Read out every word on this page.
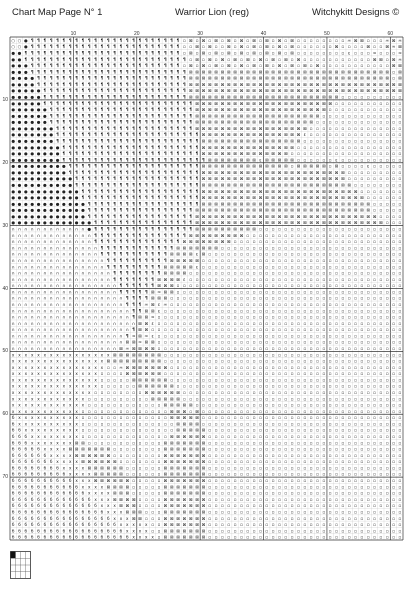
Chart Map Page N° 1	Warrior Lion (reg)	Witchykitt Designs ©
10	20	30	40	50	60
10
20
30
40
50
60
70
○ ○ ● ¶ ¶ ¶ ¶ ¶ ¶ ¶ ¶ ¶ ¶ ¶ ¶ ¶ ¶ ¶ ¶ ¶ ¶ ¶ ¶ ¶ ¶ ¶ ¶ ▫ ⊠ ▫ ⊠ ▫ ⊠ ▫ ⊠ ▫ ⊠ ▫ ⊠ ▫ ⊠ ▫ ⊠ ▫ ⊠ ▫ ▫ ▫ ▫ ▫ ▫ ▫ ▫ ♒ ⊠ ⊠ ▫ ▫ ▫ ♒ ⊠ ♒
○ ○ ● ¶ ¶ ¶ ¶ ¶ ¶ ¶ ¶ ¶ ¶ ¶ ¶ ¶ ¶ ¶ ¶ ¶ ¶ ¶ ¶ ¶ ¶ ¶ ¶ ▫ ▫ ⊠ ▫ ⊠ ▫ ▫ ⊠ ▫ ⊠ ▫ ⊠ ▫ ⊠ ▫ ⊠ ▫ ⊠ ▫ ▫ ▫ ▫ ▫ ▫ ⊠ ▫ ▫ ▫ ▫ ⊠ ▫ ▫ ⊠ ♒ ⊠
● ● ¶ ¶ ¶ ¶ ¶ ¶ ¶ ¶ ¶ ¶ ¶ ¶ ¶ ¶ ¶ ¶ ¶ ¶ ¶ ¶ ¶ ¶ ¶ ¶ ¶ ▫ ⊠ ▫ ⊠ ▫ ⊠ ▫ ⊠ ▫ ⊠ ▫ ⊠ ▫ ⊠ ▫ ⊠ ▫ ⊠ ▫ ▫ ▫ ▫ ▫ ▫ ▫ ▫ ε ▫ ▫ ▫ ♒ ▫ ▫ ▫ ♒
● ● ¶ ¶ ¶ ¶ ¶ ¶ ¶ ¶ ¶ ¶ ¶ ¶ ¶ ¶ ¶ ¶ ¶ ¶ ¶ ¶ ¶ ¶ ¶ ¶ ¶ ¶ ▫ ⊠ ▫ ⊠ ▫ ⊠ ▫ ⊠ ▫ ⊠ ▫ ⊠ ▫ ⊠ ▫ ⊠ ▫ ⊠ ▫ ▫ ▫ ▫ ▫ ▫ ▫ ▫ ▫ ▫ ▫ ⊠ ⊠ ▫ ⊠ ♒
● ● ● ¶ ¶ ¶ ¶ ¶ ¶ ¶ ¶ ¶ ¶ ¶ ¶ ¶ ¶ ¶ ¶ ¶ ¶ ¶ ¶ ¶ ¶ ¶ ¶ ▫ ⊠ ▫ ⊠ ▫ ⊠ ▫ ⊠ ▫ ⊠ ▫ ⊠ ▫ ⊠ ▫ ⊠ ▫ ⊠ ▫ ⊠ ▫ ⊠ ▫ ▫ ▫ ▫ ▫ ▫ ▫ ▫ ▫ ▫ ▫ ⊠ ⊠
● ● ● ¶ ¶ ¶ ¶ ¶ ¶ ¶ ¶ ¶ ¶ ¶ ¶ ¶ ¶ ¶ ¶ ¶ ¶ ¶ ¶ ¶ ¶ ¶ ¶ ¶ ⊠ ⊠ ⊠ ⊠ ⊠ ⊠ ⊠ ⊠ ⊠ ⊠ ⊠ ⊠ ⊠ ⊠ ⊠ ⊠ ⊠ ⊠ ⊠ ⊠ ⊠ ⊠ ⊠ ⊠ ⊠ ⊠ ⊠ ⊠ ⊠ ⊠ ⊠ ⊠ ▫ ⊠
● ● ● ● ¶ ¶ ¶ ¶ ¶ ¶ ¶ ¶ ¶ ¶ ¶ ¶ ¶ ¶ ¶ ¶ ¶ ¶ ¶ ¶ ¶ ¶ ¶ ¶ ⊠ ⊠ ⊠ ⊠ ⊠ ⊠ ⊠ ⊠ ⊠ ⊠ ⊠ ⊠ ⊠ ⊠ ⊠ ⊠ ⊠ ⊠ ⊠ ⊠ ⊠ ⊠ ⊠ ⊠ ⊠ ⊠ ⊠ ⊠ ⊠ ⊠ ⊠ ⊠ ▫ ⊠
● ● ● ● ¶ ¶ ¶ ¶ ¶ ¶ ¶ ¶ ¶ ¶ ¶ ¶ ¶ ¶ ¶ ¶ ¶ ¶ ¶ ¶ ¶ ¶ ¶ ¶ ⊠ ⊠ ⊠ ⊠ ⊠ ⊠ ⊠ ⊠ ⊠ ⊠ ⊠ ⊠ ⊠ ⊠ ⊠ ⊠ ⊠ ⊠ ⊠ ⊠ ⊠ ⊠ ⊠ ⊠ ⊠ ⊠ ⊠ ⊠ ⊠ ⊠ ⊠ ⊠ ⊠ ⊠
● ● ● ● ● ¶ ¶ ¶ ¶ ¶ ¶ ¶ ¶ ¶ ¶ ¶ ¶ ¶ ¶ ¶ ¶ ¶ ¶ ¶ ¶ ¶ ¶ ¶ ⊠ ⊠ ⊠ ⊠ ⊠ ⊠ ⊠ ⊠ ⊠ ⊠ ⊠ ⊠ ⊠ ⊠ ⊠ ⊠ ⊠ ⊠ ⊠ ⊠ ⊠ ⊠ ⊠ ⊠ ⊠ ⊠ ⊠ ⊠ ⊠ ⊠ ⊠ ⊠ ⊠ ⊠
● ● ● ● ● ¶ ¶ ¶ ¶ ¶ ¶ ¶ ¶ ¶ ¶ ¶ ¶ ¶ ¶ ¶ ¶ ¶ ¶ ¶ ¶ ¶ ¶ ¶ ⊠ ⊠ ⊠ ⊠ ⊠ ⊠ ⊠ ⊠ ⊠ ⊠ ⊠ ⊠ ⊠ ⊠ ⊠ ⊠ ⊠ ⊠ ⊠ ⊠ ⊠ ⊠ ⊠ ⊠ ▫ ▫ ▫ ▫ ▫ ▫ ▫ ▫ ▫ ▫
● ● ● ● ● ¶ ¶ ¶ ¶ ¶ ¶ ¶ ¶ ¶ ¶ ¶ ¶ ¶ ¶ ¶ ¶ ¶ ¶ ¶ ¶ ¶ ¶ ¶ ¶ ⊠ ⊠ ⊠ ⊠ ⊠ ⊠ ⊠ ⊠ ⊠ ⊠ ⊠ ⊠ ⊠ ⊠ ⊠ ⊠ ⊠ ⊠ ⊠ ⊠ ⊠ ⊠ ▫ ▫ ▫ ▫ ▫ ▫ ▫ ▫ ▫ ▫ ▫
● ● ● ● ● ● ¶ ¶ ¶ ¶ ¶ ¶ ¶ ¶ ¶ ¶ ¶ ¶ ¶ ¶ ¶ ¶ ¶ ¶ ¶ ¶ ¶ ¶ ¶ ⊠ ⊠ ⊠ ⊠ ⊠ ⊠ ⊠ ⊠ ⊠ ⊠ ⊠ ⊠ ⊠ ⊠ ⊠ ⊠ ⊠ ⊠ ⊠ ⊠ ⊠ ▫ ▫ ▫ ▫ ▫ ▫ ▫ ▫ ▫ ▫ ▫ ▫
● ● ● ● ● ● ¶ ¶ ¶ ¶ ¶ ¶ ¶ ¶ ¶ ¶ ¶ ¶ ¶ ¶ ¶ ¶ ¶ ¶ ¶ ¶ ¶ ¶ ¶ ⊠ ⊠ ⊠ ⊠ ⊠ ⊠ ⊠ ⊠ ⊠ ⊠ ⊠ ⊠ ⊠ ⊠ ⊠ ⊠ ⊠ ⊠ ⊠ ⊠ ▫ ▫ ▫ ▫ ▫ ▫ ▫ ▫ ▫ ▫ ▫ ▫ ▫
● ● ● ● ● ● ¶ ¶ ¶ ¶ ¶ ¶ ¶ ¶ ¶ ¶ ¶ ¶ ¶ ¶ ¶ ¶ ¶ ¶ ¶ ¶ ¶ ¶ ¶ ⊠ ⊠ ⊠ ⊠ ⊠ ⊠ ⊠ ⊠ ⊠ ⊠ ⊠ ⊠ ⊠ ⊠ ⊠ ⊠ ⊠ ⊠ ⊠ ▫ ▫ ▫ ▫ ▫ ▫ ▫ ▫ ▫ ▫ ▫ ▫ ▫ ▫
● ● ● ● ● ● ● ¶ ¶ ¶ ¶ ¶ ¶ ¶ ¶ ¶ ¶ ¶ ¶ ¶ ¶ ¶ ¶ ¶ ¶ ¶ ¶ ¶ ¶ ⊠ ⊠ ⊠ ⊠ ⊠ ⊠ ⊠ ⊠ ⊠ ⊠ ⊠ ⊠ ⊠ ⊠ ⊠ ⊠ ⊠ ⊠ ▫ ▫ ▫ ▫ ▫ ▫ ▫ ▫ ▫ ▫ ▫ ▫ ▫ ▫ ▫
● ● ● ● ● ● ● ¶ ¶ ¶ ¶ ¶ ¶ ¶ ¶ ¶ ¶ ¶ ¶ ¶ ¶ ¶ ¶ ¶ ¶ ¶ ¶ ¶ ¶ ¶ ⊠ ⊠ ⊠ ⊠ ⊠ ⊠ ⊠ ⊠ ⊠ ⊠ ⊠ ⊠ ⊠ ⊠ ⊠ ⊠ ε ▫ ▫ ▫ ▫ ▫ ▫ ▫ ▫ ▫ ▫ ▫ ▫ ▫ ▫ ▫
● ● ● ● ● ● ● ¶ ¶ ¶ ¶ ¶ ¶ ¶ ¶ ¶ ¶ ¶ ¶ ¶ ¶ ¶ ¶ ¶ ¶ ¶ ¶ ¶ ¶ ¶ ⊠ ⊠ ⊠ ⊠ ⊠ ⊠ ⊠ ⊠ ⊠ ⊠ ⊠ ⊠ ⊠ ⊠ ⊠ ⊠ ▫ ▫ ▫ ▫ ▫ ▫ ▫ ▫ ▫ ▫ ▫ ▫ ▫ ▫ ▫ ▫
● ● ● ● ● ● ● ● ¶ ¶ ¶ ¶ ¶ ¶ ¶ ¶ ¶ ¶ ¶ ¶ ¶ ¶ ¶ ¶ ¶ ¶ ¶ ¶ ¶ ¶ ⊠ ⊠ ⊠ ⊠ ⊠ ⊠ ⊠ ⊠ ⊠ ⊠ ⊠ ⊠ ⊠ ⊠ ⊠ ▫ ▫ ▫ ▫ ▫ ▫ ▫ ▫ ▫ ▫ ▫ ▫ ▫ ▫ ▫ ▫ ▫
● ● ● ● ● ● ● ● ¶ ¶ ¶ ¶ ¶ ¶ ¶ ¶ ¶ ¶ ¶ ¶ ¶ ¶ ¶ ¶ ¶ ¶ ¶ ¶ ¶ ¶ ⊠ ⊠ ⊠ ⊠ ⊠ ⊠ ⊠ ⊠ ⊠ ⊠ ⊠ ⊠ ⊠ ⊠ ▫ ▫ ▫ ▫ ▫ ▫ ▫ ▫ ▫ ▫ ▫ ▫ ▫ ▫ ▫ ▫ ▫ ▫
● ● ● ● ● ● ● ● ¶ ¶ ¶ ¶ ¶ ¶ ¶ ¶ ¶ ¶ ¶ ¶ ¶ ¶ ¶ ¶ ¶ ¶ ¶ ¶ ¶ ¶ ¶ ⊠ ⊠ ⊠ ⊠ ⊠ ⊠ ⊠ ⊠ ε ⊠ ⊠ ⊠ ⊠ ⊠ ▫ ▫ ▫ ▫ ▫ ▫ ε ▫ ▫ ▫ ▫ ▫ ▫ ▫ ▫ ▫ ▫
● ● ● ● ● ● ● ● ● ¶ ¶ ¶ ¶ ¶ ¶ ¶ ¶ ¶ ¶ ¶ ¶ ¶ ¶ ¶ ¶ ¶ ¶ ¶ ¶ ¶ ⊠ ⊠ ⊠ ⊠ ⊠ ⊠ ⊠ ⊠ ⊠ ⊠ ⊠ ⊠ ⊠ ⊠ ▫ ⊠ ⊠ ⊠ ⊠ ⊠ ▫ ⊠ ▫ ▫ ▫ ▫ ε ▫ ▫ ▫ ▫ ▫
● ● ● ● ● ● ● ● ● ¶ ¶ ¶ ¶ ¶ ¶ ¶ ¶ ¶ ¶ ¶ ¶ ¶ ¶ ¶ ¶ ¶ ¶ ¶ ¶ ¶ ⊠ ⊠ ⊠ ⊠ ⊠ ⊠ ⊠ ⊠ ⊠ ⊠ ⊠ ⊠ ⊠ ⊠ ⊠ ⊠ ⊠ ⊠ ⊠ ⊠ ⊠ ⊠ ⊠ ▫ ▫ ▫ ▫ ▫ ▫ ▫ ▫ ▫
● ● ● ● ● ● ● ● ● ● ¶ ¶ ¶ ¶ ¶ ¶ ¶ ¶ ¶ ¶ ¶ ¶ ¶ ¶ ¶ ¶ ¶ ¶ ¶ ¶ ⊠ ⊠ ⊠ ⊠ ⊠ ⊠ ⊠ ⊠ ⊠ ⊠ ⊠ ⊠ ⊠ ⊠ ⊠ ⊠ ⊠ ⊠ ⊠ ⊠ ⊠ ⊠ ⊠ ▫ ▫ ▫ ▫ ▫ ▫ ▫ ▫ ▫
● ● ● ● ● ● ● ● ● ● ¶ ¶ ¶ ¶ ¶ ¶ ¶ ¶ ¶ ¶ ¶ ¶ ¶ ¶ ¶ ¶ ¶ ¶ ¶ ¶ ⊠ ⊠ ⊠ ⊠ ⊠ ⊠ ⊠ ⊠ ⊠ ⊠ ⊠ ⊠ ⊠ ⊠ ⊠ ⊠ ⊠ ⊠ ⊠ ⊠ ⊠ ⊠ ⊠ ⊠ ▫ ▫ ▫ ▫ ▫ ▫ ▫ ▫
● ● ● ● ● ● ● ● ● ● ● ¶ ¶ ¶ ¶ ¶ ¶ ¶ ¶ ¶ ¶ ¶ ¶ ¶ ¶ ¶ ¶ ¶ ¶ ¶ ⊠ ⊠ ⊠ ⊠ ⊠ ⊠ ⊠ ⊠ ⊠ ⊠ ⊠ ⊠ ⊠ ⊠ ⊠ ⊠ ⊠ ⊠ ⊠ ⊠ ⊠ ⊠ ⊠ ⊠ ⊠ ▫ ▫ ▫ ▫ ▫ ▫ ▫
● ● ● ● ● ● ● ● ● ● ● ¶ ¶ ¶ ¶ ¶ ¶ ¶ ¶ ¶ ¶ ¶ ¶ ¶ ¶ ¶ ¶ ¶ ¶ ¶ ⊠ ⊠ ⊠ ⊠ ⊠ ⊠ ⊠ ⊠ ⊠ ⊠ ⊠ ⊠ ⊠ ⊠ ⊠ ⊠ ⊠ ⊠ ⊠ ⊠ ⊠ ⊠ ⊠ ⊠ ⊠ ⊠ ▫ ▫ ▫ ▫ ▫ ▫
● ● ● ● ● ● ● ● ● ● ● ● ¶ ¶ ¶ ¶ ¶ ¶ ¶ ¶ ¶ ¶ ¶ ¶ ¶ ¶ ¶ ¶ ¶ ¶ ⊠ ⊠ ⊠ ⊠ ⊠ ⊠ ⊠ ⊠ ⊠ ⊠ ⊠ ⊠ ⊠ ⊠ ⊠ ⊠ ⊠ ⊠ ⊠ ⊠ ⊠ ⊠ ⊠ ⊠ ⊠ ⊠ ⊠ ▫ ▫ ▫ ▫ ▫
● ● ● ● ● ● ● ● ● ● ● ● ¶ ¶ ¶ ¶ ¶ ¶ ¶ ¶ ¶ ¶ ¶ ¶ ¶ ¶ ¶ ¶ ¶ ⊠ ⊠ ⊠ ⊠ ⊠ ⊠ ⊠ ⊠ ⊠ ⊠ ⊠ ⊠ ⊠ ⊠ ⊠ ⊠ ⊠ ⊠ ⊠ ⊠ ⊠ ⊠ ⊠ ⊠ ⊠ ⊠ ⊠ ⊠ ▫ ▫ ▫ ▫ ▫
● ● ● ● ● ● ● ● ● ● ● ● ¶ ¶ ¶ ¶ ¶ ¶ ¶ ¶ ¶ ¶ ¶ ¶ ¶ ¶ ¶ ¶ ¶ ⊠ ⊠ ⊠ ⊠ ⊠ ⊠ ⊠ ⊠ ⊠ ⊠ ⊠ ⊠ ⊠ ⊠ ⊠ ⊠ ⊠ ⊠ ⊠ ⊠ ⊠ ⊠ ⊠ ⊠ ⊠ ⊠ ⊠ ⊠ ⊠ ▫ ▫ ▫ ▫
● ● ● ● ● ● ● ● ● ● ● ● ● ¶ ¶ ¶ ¶ ¶ ¶ ¶ ¶ ¶ ¶ ¶ ¶ ¶ ¶ ¶ ¶ ⊠ ⊠ ⊠ ⊠ ⊠ ⊠ ⊠ ⊠ ⊠ ⊠ ⊠ ⊠ ⊠ ⊠ ⊠ ⊠ ⊠ ⊠ ⊠ ⊠ ⊠ ⊠ ⊠ ⊠ ⊠ ⊠ ⊠ ⊠ ⊠ ⊠ ▫ ▫ ▫
∩ ∩ ∩ ∩ ∩ ∩ ∩ ∩ ∩ ∩ ∩ ∩ ● ¶ ¶ ¶ ¶ ¶ ¶ ¶ ¶ ¶ ¶ ¶ ¶ ¶ ¶ ¶ ¶ ⊠ ⊠ ⊠ ⊠ ⊠ ⊠ ⊠ ⊠ ⊠ ⊠ ▫ ▫ ▫ ▫ ▫ ▫ ▫ ▫ ▫ ▫ ▫ ▫ ▫ ▫ ▫ ▫ ▫ ▫ ▫ ▫ ▫ ▫ ▫
∩ ∩ ∩ ∩ ∩ ∩ ∩ ∩ ∩ ∩ ∩ ∩ ∩ ¶ ¶ ¶ ¶ ¶ ¶ ¶ ¶ ¶ ¶ ¶ ¶ ¶ ¶ ¶ ⊠ ⊠ ⊠ ⊠ ⊠ ⊠ ⊠ ⊠ ⊠ ▫ ▫ ▫ ▫ ▫ ▫ ▫ ▫ ▫ ▫ ▫ ▫ ▫ ▫ ▫ ▫ ▫ ▫ ▫ ▫ ▫ ▫ ▫ ▫ ▫
∩ ∩ ∩ ∩ ∩ ∩ ∩ ∩ ∩ ∩ ∩ ∩ ∩ ¶ ¶ ¶ ¶ ¶ ¶ ¶ ¶ ¶ ¶ ¶ ¶ ¶ ¶ ⊠ ⊠ ⊠ ⊠ ⊠ ⊠ ⊠ ⊠ ▫ ▫ ▫ ▫ ▫ ▫ ▫ ▫ ▫ ▫ ▫ ▫ ▫ ▫ ▫ ▫ ▫ ▫ ▫ ▫ ▫ ▫ ▫ ▫ ▫ ▫ ▫
∩ ∩ ∩ ∩ ∩ ∩ ∩ ∩ ∩ ∩ ∩ ∩ ∩ ∩ ¶ ¶ ¶ ¶ ¶ ¶ ¶ ¶ ¶ ¶ ¶ ¶ ⊠ ⊠ ⊠ ⊠ ⊠ ⊠ ⊠ ▫ ▫ ▫ ▫ ▫ ▫ ▫ ▫ ▫ ▫ ▫ ▫ ▫ ▫ ▫ ▫ ▫ ▫ ▫ ▫ ▫ ▫ ▫ ▫ ▫ ▫ ▫ ▫ ▫
∩ ∩ ∩ ∩ ∩ ∩ ∩ ∩ ∩ ∩ ∩ ∩ ∩ ∩ ¶ ¶ ¶ ¶ ¶ ¶ ¶ ¶ ¶ ¶ ¶ ⊠ ⊠ ⊠ ⊠ ε ⊠ ▫ ▫ ▫ ▫ ▫ ▫ ▫ ▫ ▫ ▫ ▫ ▫ ▫ ▫ ▫ ▫ ▫ ▫ ▫ ▫ ▫ ▫ ▫ ▫ ▫ ▫ ▫ ▫ ▫ ▫ ▫
∩ ∩ ∩ ∩ ∩ ∩ ∩ ∩ ∩ ∩ ∩ ∩ ∩ ∩ ∩ ¶ ¶ ¶ ¶ ¶ ¶ ¶ ¶ ¶ ¶ ⊠ ⊠ ⊠ ⊠ ⊠ ▫ ▫ ▫ ▫ ▫ ▫ ▫ ▫ ▫ ▫ ▫ ▫ ▫ ▫ ▫ ▫ ▫ ▫ ▫ ▫ ▫ ▫ ▫ ▫ ▫ ▫ ▫ ▫ ▫ ▫ ▫ ▫
∩ ∩ ∩ ∩ ∩ ∩ ∩ ∩ ∩ ∩ ∩ ∩ ∩ ∩ ∩ ¶ ¶ ¶ ¶ ¶ ¶ ¶ ¶ ¶ ⊠ ⊠ ⊠ ⊠ ⊠ ε ▫ ▫ ▫ ▫ ▫ ▫ ▫ ▫ ▫ ▫ ▫ ▫ ▫ ▫ ▫ ▫ ▫ ▫ ▫ ▫ ▫ ▫ ▫ ▫ ▫ ▫ ▫ ▫ ▫ ▫ ▫ ▫
∩ ∩ ∩ ∩ ∩ ∩ ∩ ∩ ∩ ∩ ∩ ∩ ∩ ∩ ∩ ∩ ¶ ¶ ¶ ¶ ¶ ¶ ¶ ¶ ⊠ ⊠ ⊠ ⊠ ▫ ▫ ▫ ▫ ▫ ▫ ▫ ▫ ▫ ▫ ▫ ▫ ▫ ▫ ▫ ▫ ▫ ▫ ▫ ▫ ▫ ▫ ▫ ▫ ▫ ▫ ▫ ▫ ▫ ▫ ▫ ▫ ▫ ▫
∩ ∩ ∩ ∩ ∩ ∩ ∩ ∩ ∩ ∩ ∩ ∩ ∩ ∩ ∩ ∩ ¶ ¶ ¶ ¶ ¶ ¶ ¶ ⊠ ⊠ ⊠ ⊠ ε ▫ ▫ ▫ ▫ ▫ ▫ ▫ ▫ ▫ ▫ ▫ ▫ ▫ ▫ ▫ ▫ ▫ ▫ ▫ ▫ ▫ ▫ ▫ ▫ ▫ ▫ ▫ ▫ ▫ ▫ ▫ ▫ ▫ ▫
∩ ∩ ∩ ∩ ∩ ∩ ∩ ∩ ∩ ∩ ∩ ∩ ∩ ∩ ∩ ∩ ∩ ¶ ¶ ¶ ¶ ¶ ¶ ⊠ ⊠ ⊠ ▫ ▫ ▫ ▫ ▫ ▫ ▫ ▫ ▫ ▫ ▫ ▫ ▫ ▫ ▫ ▫ ▫ ▫ ▫ ▫ ▫ ▫ ▫ ▫ ▫ ▫ ▫ ▫ ▫ ▫ ▫ ▫ ▫ ▫ ▫ ▫
∩ ∩ ∩ ∩ ∩ ∩ ∩ ∩ ∩ ∩ ∩ ∩ ∩ ∩ ∩ ∩ ∩ ¶ ¶ ¶ ¶ ¶ ⊠ ♒ ⊠ ⊠ ▫ ▫ ▫ ▫ ▫ ▫ ▫ ▫ ▫ ▫ ▫ ▫ ▫ ▫ ▫ ▫ ▫ ▫ ▫ ▫ ▫ ▫ ▫ ▫ ▫ ▫ ▫ ▫ ▫ ▫ ▫ ▫ ▫ ▫ ▫ ▫
∩ ∩ ∩ ∩ ∩ ∩ ∩ ∩ ∩ ∩ ∩ ∩ ∩ ∩ ∩ ∩ ∩ ∩ ¶ ¶ ¶ ¶ ⊠ ⊠ ⊠ ▫ ▫ ▫ ▫ ▫ ▫ ▫ ▫ ▫ ▫ ▫ ▫ ▫ ▫ ▫ ▫ ▫ ▫ ▫ ▫ ▫ ▫ ▫ ▫ ▫ ▫ ▫ ▫ ▫ ▫ ▫ ▫ ▫ ▫ ▫ ▫ ▫
∩ ∩ ∩ ∩ ∩ ∩ ∩ ∩ ∩ ∩ ∩ ∩ ∩ ∩ ∩ ∩ ∩ ∩ ¶ ¶ ¶ ♒ ⊠ ε ♒ ▫ ▫ ▫ ▫ ▫ ▫ ▫ ▫ ▫ ▫ ▫ ▫ ▫ ▫ ▫ ▫ ▫ ▫ ▫ ▫ ▫ ▫ ▫ ▫ ▫ ▫ ▫ ▫ ▫ ▫ ▫ ▫ ▫ ▫ ▫ ▫ ▫
∩ ∩ ∩ ∩ ∩ ∩ ∩ ∩ ∩ ∩ ∩ ∩ ∩ ∩ ∩ ∩ ∩ ∩ ∩ ¶ ¶ ⊠ ⊠ ε ▫ ▫ ▫ ▫ ▫ ▫ ▫ ▫ ▫ ▫ ▫ ▫ ▫ ▫ ▫ ▫ ▫ ▫ ▫ ▫ ▫ ▫ ▫ ▫ ▫ ▫ ▫ ▫ ▫ ▫ ▫ ▫ ▫ ▫ ▫ ▫ ▫ ▫
∩ ∩ ∩ ∩ ∩ ∩ ∩ ∩ ∩ ∩ ∩ ∩ ∩ ∩ ∩ ∩ ∩ ∩ ∩ ¶ ⊠ ⊠ ♒ ▫ ▫ ▫ ▫ ▫ ▫ ▫ ▫ ▫ ▫ ▫ ▫ ▫ ▫ ▫ ▫ ▫ ▫ ▫ ▫ ▫ ▫ ▫ ▫ ▫ ▫ ▫ ▫ ▫ ▫ ▫ ▫ ▫ ▫ ▫ ▫ ▫ ▫ ▫
∩ ∩ ∩ ∩ ∩ ∩ ∩ ∩ ∩ ∩ ∩ ∩ ∩ ∩ ∩ ∩ ∩ ∩ ∩ ∩ ⊠ ⊠ ε ▫ ▫ ▫ ▫ ▫ ▫ ▫ ▫ ▫ ▫ ▫ ▫ ▫ ▫ ▫ ▫ ▫ ▫ ▫ ▫ ▫ ▫ ▫ ▫ ▫ ▫ ▫ ▫ ▫ ▫ ▫ ▫ ▫ ▫ ▫ ▫ ▫ ▫ ▫
∩ ∩ ∩ ∩ ∩ ∩ ∩ ∩ ∩ ∩ ∩ ∩ ∩ ∩ ∩ ∩ ∩ ∩ ∩ ¶ ⊠ ⊠ ▫ ▫ ▫ ▫ ▫ ▫ ▫ ▫ ▫ ▫ ▫ ▫ ▫ ▫ ▫ ▫ ▫ ▫ ▫ ▫ ▫ ▫ ▫ ▫ ▫ ▫ ▫ ▫ ▫ ▫ ▫ ▫ ▫ ▫ ▫ ▫ ▫ ▫ ▫ ▫
∩ ∩ ∩ ∩ ∩ ∩ ∩ ∩ ∩ ∩ ∩ ∩ ∩ ∩ ∩ ∩ ∩ ∩ ¶ ♒ ⊠ ♒ ε ▫ ▫ ▫ ▫ ▫ ▫ ▫ ▫ ▫ ▫ ▫ ▫ ▫ ▫ ▫ ▫ ▫ ▫ ▫ ▫ ▫ ▫ ▫ ▫ ▫ ▫ ▫ ▫ ▫ ▫ ▫ ▫ ▫ ▫ ▫ ▫ ▫ ▫ ▫
∩ ∩ ∩ ∩ ∩ ∩ ∩ ∩ ∩ ∩ ∩ ∩ ∩ ∩ ∩ ∩ ∩ ∩ ⊠ ⊠ ♒ ⊠ ⊠ ▫ ▫ ▫ ▫ ▫ ▫ ▫ ▫ ▫ ▫ ▫ ▫ ▫ ▫ ▫ ▫ ▫ ▫ ▫ ▫ ▫ ▫ ▫ ▫ ▫ ▫ ▫ ▫ ▫ ▫ ▫ ▫ ▫ ▫ ▫ ▫ ▫ ▫ ▫
∩ ∩ ∩ ∩ ∩ ∩ ∩ ∩ ∩ ∩ ∩ ∩ ∩ ∩ ∩ ∩ ∩ ⊠ ♒ ⊠ ⊠ ⊠ ⊠ ▫ ▫ ▫ ▫ ▫ ▫ ▫ ▫ ▫ ▫ ▫ ▫ ▫ ▫ ▫ ▫ ▫ ▫ ▫ ▫ ▫ ▫ ▫ ▫ ▫ ▫ ▫ ▫ ▫ ▫ ▫ ▫ ▫ ▫ ▫ ▫ ▫ ▫ ▫
x x x x x x x x x x x x x x x x ⊠ ⊠ ⊠ ⊠ ⊠ ⊠ ⊠ ⊠ ▫ ▫ ▫ ▫ ▫ ▫ ▫ ▫ ▫ ▫ ▫ ▫ ▫ ▫ ▫ ▫ ▫ ▫ ▫ ▫ ▫ ▫ ▫ ▫ ▫ ▫ ▫ ▫ ▫ ▫ ▫ ▫ ▫ ▫ ▫ ▫ ▫ ▫
x x x x x x x x x x x x x x x ⊠ ⊠ ⊠ ⊠ ⊠ ⊠ ⊠ ⊠ ⊠ ▫ ▫ ▫ ▫ ▫ ▫ ▫ ▫ ▫ ▫ ▫ ▫ ▫ ▫ ▫ ▫ ▫ ▫ ▫ ▫ ▫ ▫ ▫ ▫ ▫ ▫ ▫ ▫ ▫ ▫ ▫ ▫ ▫ ▫ ▫ ▫ ▫ ▫
x x x x x x x x x x x x x x x ▫ ▫ ♒ ⊠ ⊠ ⊠ ⊠ ⊠ ⊠ ⊠ ▫ ▫ ▫ ▫ ▫ ▫ ▫ ▫ ▫ ▫ ▫ ▫ ▫ ▫ ▫ ▫ ▫ ▫ ▫ ▫ ▫ ▫ ▫ ▫ ▫ ▫ ▫ ▫ ▫ ▫ ▫ ▫ ▫ ▫ ▫ ▫ ▫
x x x x x x x x x x x x x x ▫ ▫ ▫ ▫ ⊠ ⊠ ⊠ ⊠ ⊠ ⊠ ▫ ▫ ▫ ▫ ▫ ▫ ▫ ▫ ▫ ▫ ▫ ▫ ▫ ▫ ▫ ▫ ▫ ▫ ▫ ▫ ▫ ▫ ▫ ▫ ▫ ▫ ▫ ▫ ▫ ▫ ▫ ▫ ▫ ▫ ▫ ▫ ▫ ▫
x x x x x x x x x x x x x x ▫ ▫ ▫ ▫ ▫ ⊠ ⊠ ⊠ ⊠ ⊠ ⊠ ▫ ▫ ▫ ▫ ▫ ▫ ▫ ▫ ▫ ▫ ▫ ▫ ▫ ▫ ▫ ▫ ▫ ▫ ▫ ▫ ▫ ▫ ▫ ▫ ▫ ▫ ▫ ▫ ▫ ▫ ▫ ▫ ▫ ▫ ▫ ▫ ▫
x x x x x x x x x x x x x x ▫ ▫ ▫ ▫ ▫ ▫ ⊠ ⊠ ⊠ ⊠ ⊠ ⊠ ▫ ▫ ▫ ▫ ▫ ▫ ▫ ▫ ▫ ▫ ▫ ▫ ▫ ▫ ▫ ▫ ▫ ▫ ▫ ▫ ▫ ▫ ▫ ▫ ▫ ▫ ▫ ▫ ▫ ▫ ▫ ▫ ▫ ▫ ▫ ▫
x x x x x x x x x x x x x ▫ ▫ ▫ ▫ ▫ ▫ ▫ ▫ ⊠ ⊠ ⊠ ⊠ ⊠ ⊠ ▫ ▫ ▫ ▫ ▫ ▫ ▫ ▫ ▫ ▫ ▫ ▫ ▫ ▫ ▫ ▫ ▫ ▫ ▫ ▫ ▫ ▫ ▫ ▫ ▫ ▫ ▫ ▫ ▫ ▫ ▫ ▫ ▫ ▫ ▫
x x x x x x x x x x x x ▫ ▫ ▫ ▫ ▫ ▫ ▫ ▫ ▫ ▫ ⊠ ⊠ ⊠ ⊠ ⊠ ▫ ▫ ▫ ▫ ▫ ▫ ▫ ▫ ▫ ▫ ▫ ▫ ▫ ▫ ▫ ▫ ▫ ▫ ▫ ▫ ▫ ▫ ▫ ▫ ▫ ▫ ▫ ▫ ▫ ▫ ▫ ▫ ▫ ▫ ▫
x x x x x x x x x x x x ▫ ▫ ▫ ▫ ▫ ▫ ▫ ▫ ▫ ▫ ▫ ▫ ⊠ ⊠ ⊠ ⊠ ⊠ ▫ ▫ ▫ ▫ ▫ ▫ ▫ ▫ ▫ ▫ ▫ ▫ ▫ ▫ ▫ ▫ ▫ ▫ ▫ ▫ ▫ ▫ ▫ ▫ ▫ ▫ ▫ ▫ ▫ ▫ ▫ ▫ ▫
x x x x x x x x x x x ▫ ▫ ▫ ▫ ▫ ▫ ▫ ▫ ▫ ▫ ▫ ▫ ▫ ▫ ⊠ ⊠ ⊠ ▫ ⊠ ▫ ▫ ▫ ▫ ▫ ▫ ▫ ▫ ▫ ▫ ▫ ▫ ▫ ▫ ▫ ▫ ▫ ▫ ▫ ▫ ▫ ▫ ▫ ▫ ▫ ▫ ▫ ▫ ▫ ▫ ▫ ▫
б x x x x x x x x x x ▫ ▫ ▫ ▫ ▫ ▫ ▫ ▫ ▫ ▫ ▫ ▫ ▫ ▫ ⊠ ⊠ ⊠ ⊠ ⊠ ▫ ▫ ▫ ▫ ▫ ▫ ▫ ▫ ▫ ▫ ▫ ▫ ▫ ▫ ▫ ▫ ▫ ▫ ▫ ▫ ▫ ▫ ▫ ▫ ▫ ▫ ▫ ▫ ▫ ▫ ▫ ▫
б x x x x x x x x x x ▫ ▫ ▫ ▫ ▫ ▫ ▫ ▫ ▫ ▫ ▫ ▫ ▫ ▫ ▫ ⊠ ⊠ ⊠ ⊠ ▫ ▫ ▫ ▫ ▫ ▫ ▫ ▫ ▫ ▫ ▫ ▫ ▫ ▫ ▫ ▫ ▫ ▫ ▫ ▫ ▫ ▫ ▫ ▫ ▫ ▫ ▫ ▫ ▫ ▫ ▫ ▫
б б x x x x x x x x x ▫ ▫ ▫ ▫ ▫ ▫ ▫ ▫ ▫ ▫ ▫ ▫ ▫ ▫ ▫ ⊠ ⊠ ⊠ ⊠ ⊠ ▫ ▫ ▫ ▫ ▫ ▫ ▫ ▫ ▫ ▫ ▫ ▫ ▫ ▫ ▫ ▫ ▫ ▫ ▫ ▫ ▫ ▫ ▫ ▫ ▫ ▫ ▫ ▫ ▫ ▫ ▫
б б б x x x x x x x x ▫ ▫ ▫ ▫ ▫ ▫ ▫ ▫ ▫ ▫ ▫ ▫ ▫ ▫ ⊠ ⊠ ⊠ ⊠ ⊠ ⊠ ▫ ▫ ▫ ▫ ▫ ▫ ▫ ▫ ▫ ▫ ▫ ▫ ▫ ▫ ▫ ▫ ▫ ▫ ▫ ▫ ▫ ▫ ▫ ▫ ▫ ▫ ▫ ▫ ▫ ▫ ▫
б б б x x x x x x x ⊠ ⊠ ▫ ▫ ▫ ▫ ▫ ▫ ▫ ▫ ▫ ▫ ▫ ▫ ⊠ ⊠ ⊠ ⊠ ⊠ ⊠ ⊠ ▫ ▫ ▫ ▫ ▫ ▫ ▫ ▫ ▫ ▫ ▫ ▫ ▫ ▫ ▫ ▫ ▫ ▫ ▫ ▫ ▫ ▫ ▫ ▫ ▫ ▫ ▫ ▫ ▫ ▫ ▫
б б б б б x x x x ⊠ ⊠ ⊠ ⊠ ⊠ ⊠ ⊠ ▫ ▫ ▫ ▫ ▫ ▫ ▫ ▫ ⊠ ⊠ ⊠ ⊠ ⊠ ⊠ ⊠ ▫ ▫ ▫ ▫ ▫ ▫ ▫ ▫ ▫ ▫ ▫ ▫ ▫ ▫ ▫ ▫ ▫ ▫ ▫ ▫ ▫ ▫ ▫ ▫ ▫ ▫ ▫ ▫ ▫ ▫ ▫
б б б б б б x x x x ⊠ ⊠ ⊠ ⊠ ⊠ ⊠ ▫ ▫ ▫ ▫ ▫ ▫ ▫ ▫ ⊠ ⊠ ⊠ ⊠ ⊠ ⊠ ⊠ ▫ ▫ ▫ ▫ ▫ ▫ ▫ ▫ ▫ ▫ ▫ ▫ ▫ ▫ ▫ ▫ ▫ ▫ ▫ ▫ ▫ ▫ ▫ ▫ ▫ ▫ ▫ ▫ ▫ ▫ ▫
б б б б б б б x x x x ⊠ ⊠ ⊠ ⊠ ⊠ ⊠ ▫ ▫ ▫ ▫ ▫ ▫ ▫ ⊠ ⊠ ⊠ ⊠ ⊠ ⊠ ⊠ ▫ ▫ ▫ ▫ ▫ ▫ ▫ ▫ ▫ ▫ ▫ ▫ ▫ ▫ ▫ ▫ ▫ ▫ ▫ ▫ ▫ ▫ ▫ ▫ ▫ ▫ ▫ ▫ ▫ ▫ ▫
б б б б б б б б x x x x ⊠ ⊠ ⊠ ⊠ ⊠ ⊠ ▫ ▫ ▫ ▫ ▫ ▫ ⊠ ⊠ ⊠ ⊠ ⊠ ⊠ ⊠ ▫ ▫ ▫ ▫ ▫ ▫ ▫ ▫ ▫ ▫ ▫ ▫ ▫ ▫ ▫ ▫ ▫ ▫ ▫ ▫ ▫ ▫ ▫ ▫ ▫ ▫ ▫ ▫ ▫ ▫ ▫
б б б б б б б б б x x x x ⊠ ⊠ ⊠ ⊠ ⊠ ▫ ▫ ▫ ▫ ▫ ▫ ⊠ ⊠ ⊠ ⊠ ⊠ ⊠ ⊠ ▫ ▫ ▫ ▫ ▫ ▫ ▫ ▫ ▫ ▫ ▫ ▫ ▫ ▫ ▫ ▫ ▫ ▫ ▫ ▫ ▫ ▫ ▫ ▫ ▫ ▫ ▫ ▫ ▫ ▫ ▫
б б б б б б б б б б x x x ⊠ ⊠ ⊠ ⊠ ⊠ ⊠ ▫ ▫ ▫ ▫ ▫ ⊠ ⊠ ⊠ ⊠ ⊠ ⊠ ⊠ ▫ ▫ ▫ ▫ ▫ ▫ ▫ ▫ ▫ ▫ ▫ ▫ ▫ ▫ ▫ ▫ ▫ ▫ ▫ ▫ ▫ ▫ ▫ ▫ ▫ ▫ ▫ ▫ ▫ ▫ ▫
б б б б б б б б б б б x x x x ⊠ ⊠ ⊠ ⊠ ▫ ▫ ▫ ▫ ▫ ⊠ ⊠ ⊠ ⊠ ⊠ ⊠ ⊠ ▫ ▫ ▫ ▫ ▫ ▫ ▫ ▫ ▫ ▫ ▫ ▫ ▫ ▫ ▫ ▫ ▫ ▫ ▫ ▫ ▫ ▫ ▫ ▫ ▫ ▫ ▫ ▫ ▫ ▫ ▫
б б б б б б б б б б б б x x x x ⊠ ⊠ ⊠ ▫ ▫ ▫ ▫ ▫ ⊠ ⊠ ⊠ ⊠ ⊠ ⊠ ⊠ ▫ ▫ ▫ ▫ ▫ ▫ ▫ ▫ ▫ ▫ ▫ ▫ ▫ ▫ ▫ ▫ ▫ ▫ ▫ ▫ ▫ ▫ ▫ ▫ ▫ ▫ ▫ ▫ ▫ ▫ ▫
б б б б б б б б б б б б б x x x ⊠ ⊠ ⊠ ⊠ ▫ ▫ ▫ ▫ ⊠ ⊠ ⊠ ⊠ ⊠ ⊠ ⊠ ▫ ▫ ▫ ▫ ▫ ▫ ▫ ▫ ▫ ▫ ▫ ▫ ▫ ▫ ▫ ▫ ▫ ▫ ▫ ▫ ▫ ▫ ▫ ▫ ▫ ▫ ▫ ▫ ▫ ▫ ▫
б б б б б б б б б б б б б б x x x ⊠ ⊠ ⊠ ▫ ▫ ▫ ▫ ⊠ ⊠ ⊠ ⊠ ⊠ ⊠ ⊠ ▫ ▫ ▫ ▫ ▫ ▫ ▫ ▫ ▫ ▫ ▫ ▫ ▫ ▫ ▫ ▫ ▫ ▫ ▫ ▫ ▫ ▫ ▫ ▫ ▫ ▫ ▫ ▫ ▫ ▫ ▫
б б б б б б б б б б б б б б б x x x ⊠ ⊠ ⊠ ▫ ▫ ▫ ⊠ ⊠ ⊠ ⊠ ⊠ ⊠ ⊠ ▫ ▫ ▫ ▫ ▫ ▫ ▫ ▫ ▫ ▫ ▫ ▫ ▫ ▫ ▫ ▫ ▫ ▫ ▫ ▫ ▫ ▫ ▫ ▫ ▫ ▫ ▫ ▫ ▫ ▫ ▫
б б б б б б б б б б б б б б б б x x x ⊠ ⊠ ▫ ▫ ▫ ⊠ ⊠ ⊠ ⊠ ⊠ ⊠ ⊠ ▫ ▫ ▫ ▫ ▫ ▫ ▫ ▫ ▫ ▫ ▫ ▫ ▫ ▫ ▫ ▫ ▫ ▫ ▫ ▫ ▫ ▫ ▫ ▫ ▫ ▫ ▫ ▫ ▫ ▫ ▫
б б б б б б б б б б б б б б б б б x x x x x ▫ ▫ ⊠ ⊠ ⊠ ⊠ ⊠ ⊠ ⊠ ▫ ▫ ▫ ▫ ▫ ▫ ▫ ▫ ▫ ▫ ▫ ▫ ▫ ▫ ▫ ▫ ▫ ▫ ▫ ▫ ▫ ▫ ▫ ▫ ▫ ▫ ▫ ▫ ▫ ▫ ▫
б б б б б б б б б б б б б б б б б б x x x x ▫ ▫ ⊠ ⊠ ⊠ ⊠ ⊠ ⊠ ⊠ ▫ ▫ ▫ ▫ ▫ ▫ ▫ ▫ ▫ ▫ ▫ ▫ ▫ ▫ ▫ ▫ ▫ ▫ ▫ ▫ ▫ ▫ ▫ ▫ ▫ ▫ ▫ ▫ ▫ ▫ ▫
б б б б б б б б б б б б б б б б б б б x x x x ▫ ⊠ ⊠ ⊠ ⊠ ⊠ ⊠ ⊠ ▫ ▫ ▫ ▫ ▫ ▫ ▫ ▫ ▫ ▫ ▫ ▫ ▫ ▫ ▫ ▫ ▫ ▫ ▫ ▫ ▫ ▫ ▫ ▫ ▫ ▫ ▫ ▫ ▫ ▫ ▫
